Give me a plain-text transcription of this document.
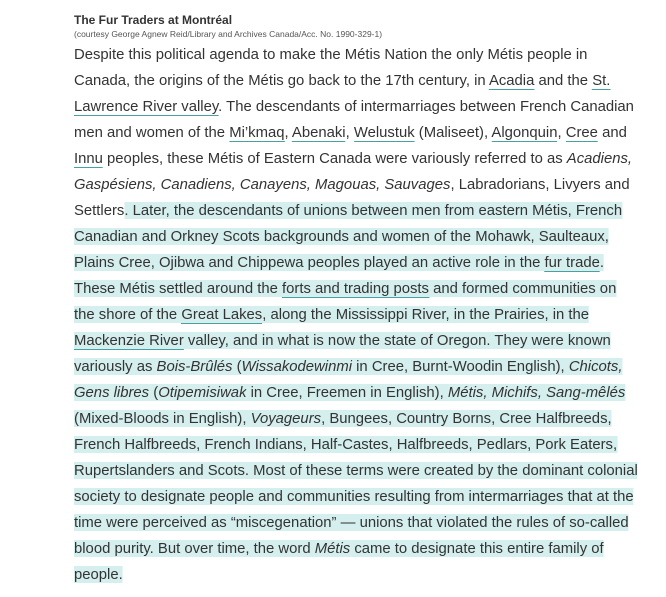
The Fur Traders at Montréal

(courtesy George Agnew Reid/Library and Archives Canada/Acc. No. 1990-329-1)

Despite this political agenda to make the Métis Nation the only Métis people in
Canada, the origins of the Métis go back to the 17th century, in Acadia and the St.
Lawrence River valley. The descendants of intermarriages between French Canadian
men and women of the Mi’kmaq, Abenaki, Welustuk (Maliseet), Algonquin, Cree and
Innu peoples, these Métis of Eastern Canada were variously referred to as Acadiens,
Gaspésiens, Canadiens, Canayens, Magouas, Sauvages, Labradorians, Livyers and
Settlers. Later, the descendants of unions between men from eastern Métis, French
Canadian and Orkney Scots backgrounds and women of the Mohawk, Saulteaux,
Plains Cree, Ojibwa and Chippewa peoples played an active role in the fur trade.
These Métis settled around the forts and trading posts and formed communities on
the shore of the Great Lakes, along the Mississippi River, in the Prairies, in the
Mackenzie River valley, and in what is now the state of Oregon. They were known
variously as Bois-Brûlés (Wissakodewinmi in Cree, Burnt-Woodin English), Chicots,
Gens libres (Otipemisiwak in Cree, Freemen in English), Métis, Michifs, Sang-mêlés
(Mixed-Bloods in English), Voyageurs, Bungees, Country Borns, Cree Halfbreeds,
French Halfbreeds, French Indians, Half-Castes, Halfbreeds, Pedlars, Pork Eaters,
Rupertslanders and Scots. Most of these terms were created by the dominant colonial
society to designate people and communities resulting from intermarriages that at the
time were perceived as “miscegenation” — unions that violated the rules of so-called
blood purity. But over time, the word Métis came to designate this entire family of
people.
